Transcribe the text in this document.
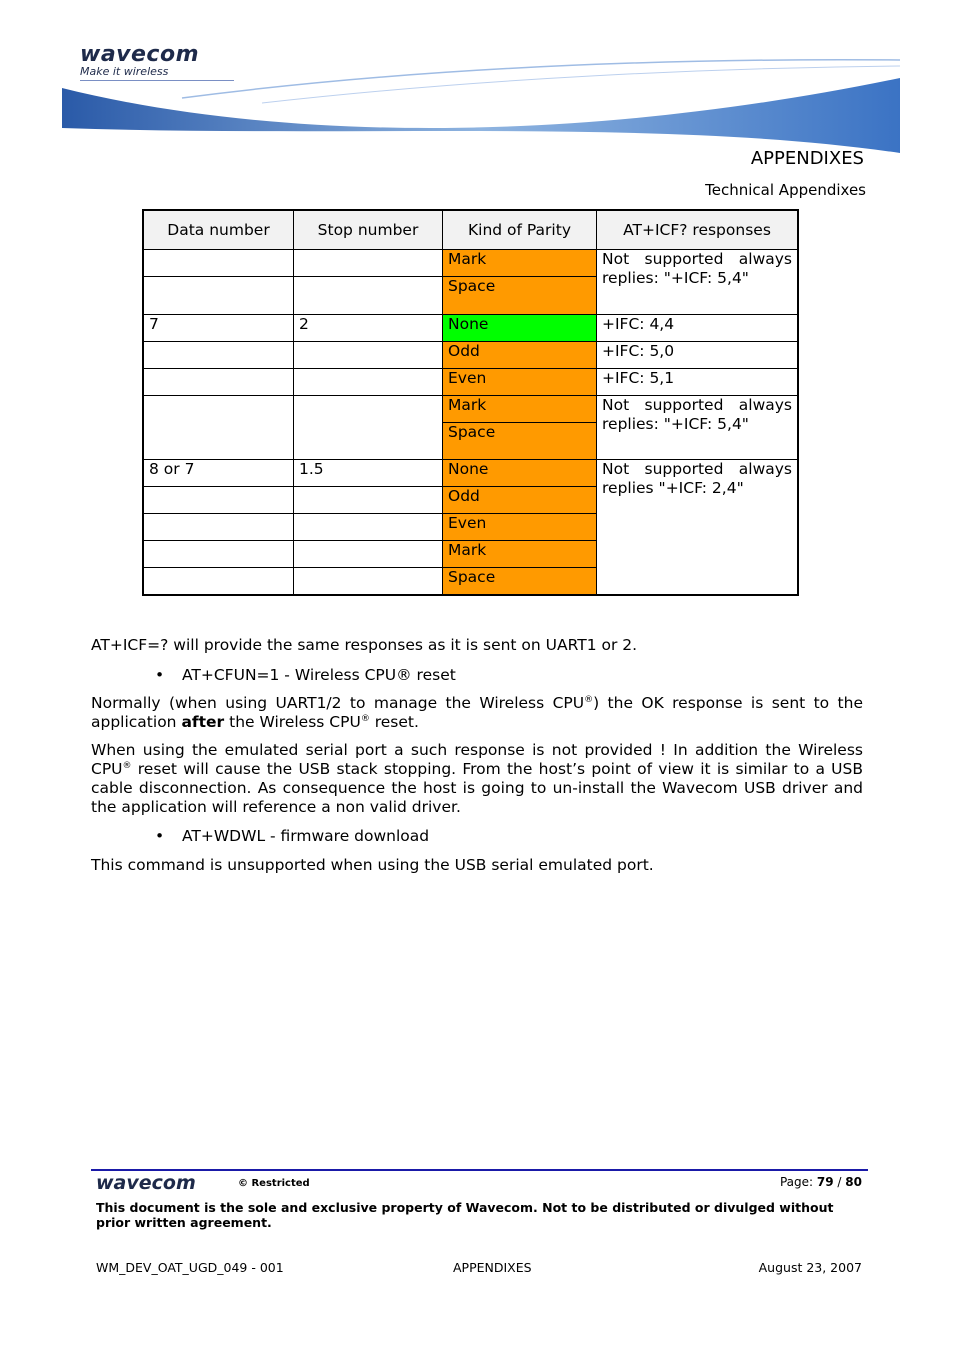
wavecom
Make it wireless
APPENDIXES
Technical Appendixes
Data number	Stop number	Kind of Parity	AT+ICF? responses
		Mark	Not supported always replies: "+ICF: 5,4"
		Space	
7	2	None	+IFC: 4,4
		Odd	+IFC: 5,0
		Even	+IFC: 5,1
		Mark	Not supported always replies: "+ICF: 5,4"
		Space	
8 or 7	1.5	None	Not supported always replies "+ICF: 2,4"
		Odd	
		Even	
		Mark	
		Space	
AT+ICF=? will provide the same responses as it is sent on UART1 or 2.
• AT+CFUN=1 - Wireless CPU® reset
Normally (when using UART1/2 to manage the Wireless CPU®) the OK response is sent to the application after the Wireless CPU® reset.
When using the emulated serial port a such response is not provided ! In addition the Wireless CPU® reset will cause the USB stack stopping. From the host’s point of view it is similar to a USB cable disconnection. As consequence the host is going to un-install the Wavecom USB driver and the application will reference a non valid driver.
• AT+WDWL - firmware download
This command is unsupported when using the USB serial emulated port.
wavecom	© Restricted	Page: 79 / 80
This document is the sole and exclusive property of Wavecom. Not to be distributed or divulged without prior written agreement.
WM_DEV_OAT_UGD_049 - 001	APPENDIXES	August 23, 2007
